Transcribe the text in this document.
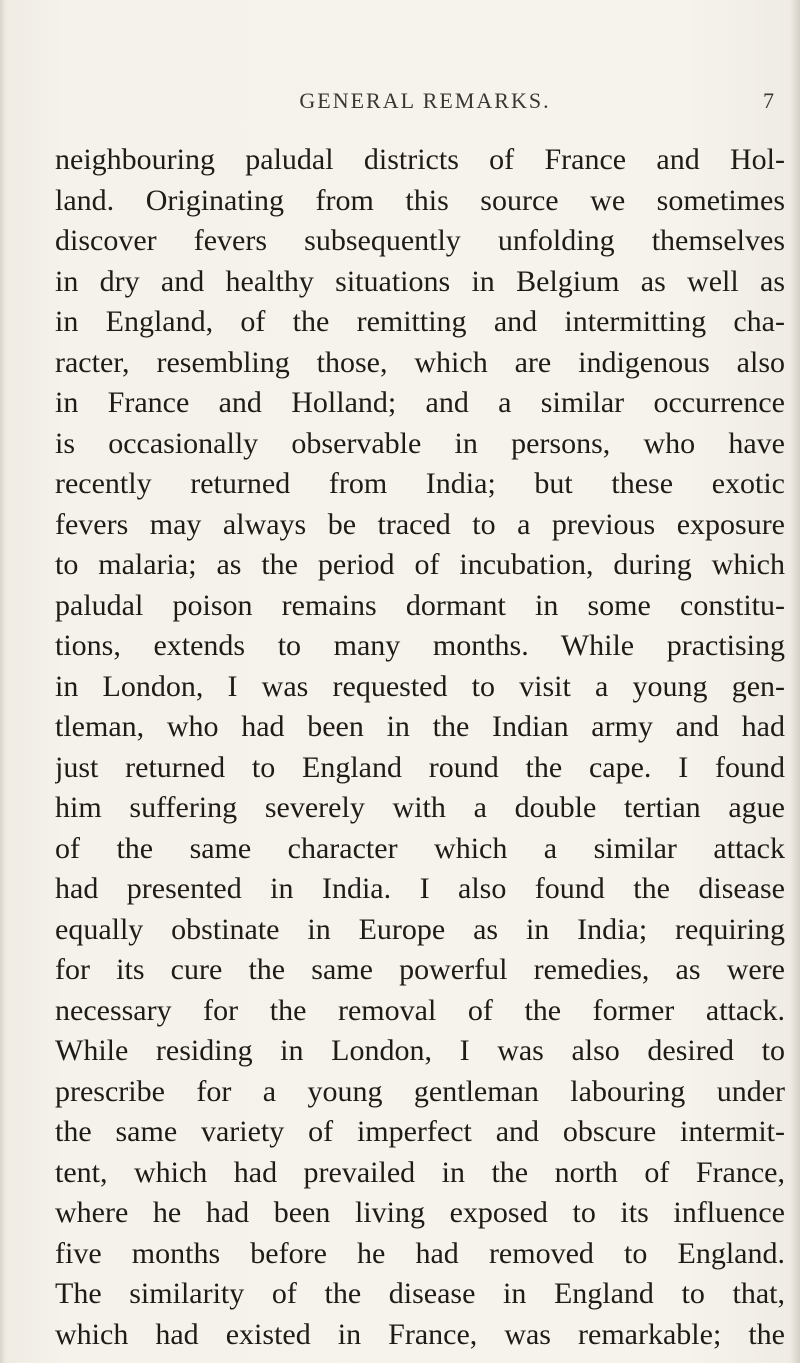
GENERAL REMARKS.	7
neighbouring paludal districts of France and Hol-
land. Originating from this source we sometimes
discover fevers subsequently unfolding themselves
in dry and healthy situations in Belgium as well as
in England, of the remitting and intermitting cha-
racter, resembling those, which are indigenous also
in France and Holland; and a similar occurrence
is occasionally observable in persons, who have
recently returned from India; but these exotic
fevers may always be traced to a previous exposure
to malaria; as the period of incubation, during which
paludal poison remains dormant in some constitu-
tions, extends to many months. While practising
in London, I was requested to visit a young gen-
tleman, who had been in the Indian army and had
just returned to England round the cape. I found
him suffering severely with a double tertian ague
of the same character which a similar attack
had presented in India. I also found the disease
equally obstinate in Europe as in India; requiring
for its cure the same powerful remedies, as were
necessary for the removal of the former attack.
While residing in London, I was also desired to
prescribe for a young gentleman labouring under
the same variety of imperfect and obscure intermit-
tent, which had prevailed in the north of France,
where he had been living exposed to its influence
five months before he had removed to England.
The similarity of the disease in England to that,
which had existed in France, was remarkable; the
